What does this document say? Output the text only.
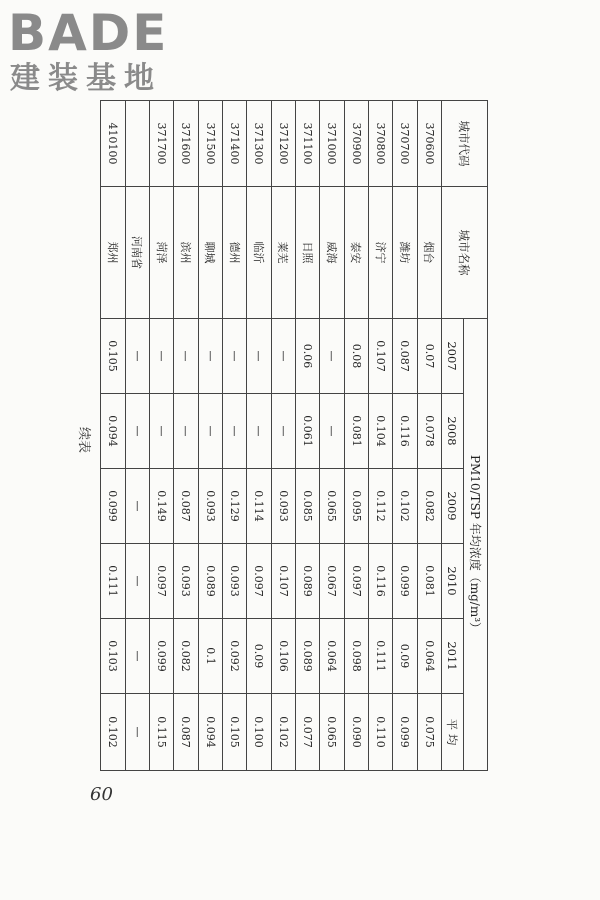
BADE
建装基地
续表
城市代码	城市名称	PM10/TSP 年均浓度（mg/m³）					
		2007	2008	2009	2010	2011	平 均
370600	烟台	0.07	0.078	0.082	0.081	0.064	0.075
370700	潍坊	0.087	0.116	0.102	0.099	0.09	0.099
370800	济宁	0.107	0.104	0.112	0.116	0.111	0.110
370900	泰安	0.08	0.081	0.095	0.097	0.098	0.090
371000	威海	—	—	0.065	0.067	0.064	0.065
371100	日照	0.06	0.061	0.085	0.089	0.089	0.077
371200	莱芜	—	—	0.093	0.107	0.106	0.102
371300	临沂	—	—	0.114	0.097	0.09	0.100
371400	德州	—	—	0.129	0.093	0.092	0.105
371500	聊城	—	—	0.093	0.089	0.1	0.094
371600	滨州	—	—	0.087	0.093	0.082	0.087
371700	菏泽	—	—	0.149	0.097	0.099	0.115
	河南省	—	—	—	—	—	—
410100	郑州	0.105	0.094	0.099	0.111	0.103	0.102
60
